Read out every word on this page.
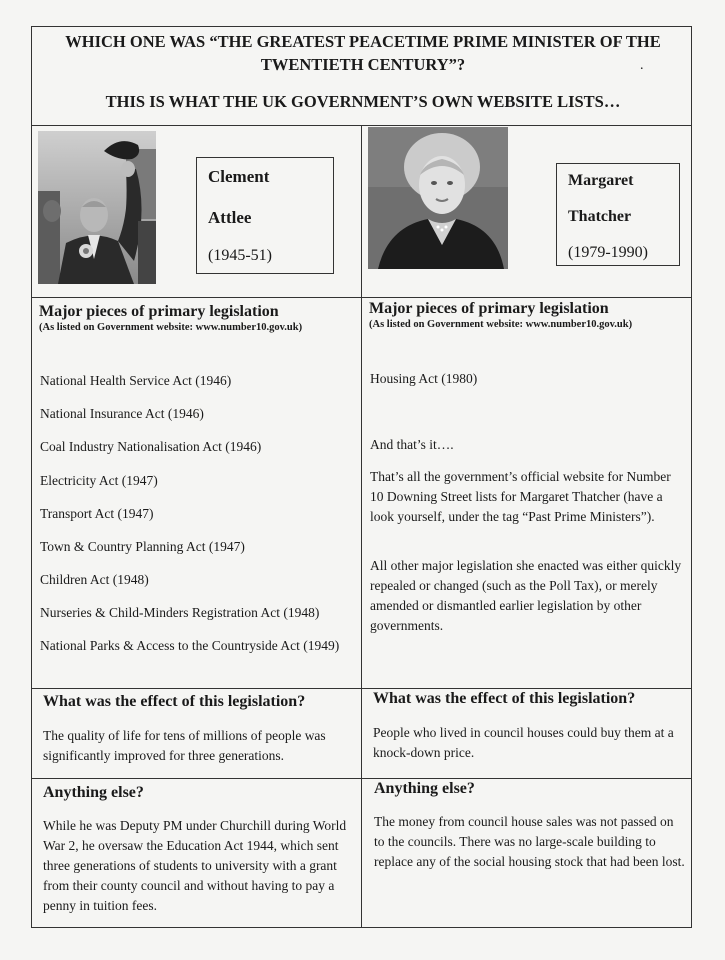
WHICH ONE WAS “THE GREATEST PEACETIME PRIME MINISTER OF THE TWENTIETH CENTURY”?	.
THIS IS WHAT THE UK GOVERNMENT’S OWN WEBSITE LISTS…
Clement
Attlee
(1945-51)
Margaret
Thatcher
(1979-1990)
Major pieces of primary legislation
(As listed on Government website: www.number10.gov.uk)
National Health Service Act (1946)
National Insurance Act (1946)
Coal Industry Nationalisation Act (1946)
Electricity Act (1947)
Transport Act (1947)
Town & Country Planning Act (1947)
Children Act (1948)
Nurseries & Child-Minders Registration Act (1948)
National Parks & Access to the Countryside Act (1949)
Major pieces of primary legislation
(As listed on Government website: www.number10.gov.uk)
Housing Act (1980)
And that’s it….
That’s all the government’s official website for Number 10 Downing Street lists for Margaret Thatcher (have a look yourself, under the tag “Past Prime Ministers”).
All other major legislation she enacted was either quickly repealed or changed (such as the Poll Tax), or merely amended or dismantled earlier legislation by other governments.
What was the effect of this legislation?
The quality of life for tens of millions of people was significantly improved for three generations.
What was the effect of this legislation?
People who lived in council houses could buy them at a knock-down price.
Anything else?
While he was Deputy PM under Churchill during World War 2, he oversaw the Education Act 1944, which sent three generations of students to university with a grant from their county council and without having to pay a penny in tuition fees.
Anything else?
The money from council house sales was not passed on to the councils. There was no large-scale building to replace any of the social housing stock that had been lost.
